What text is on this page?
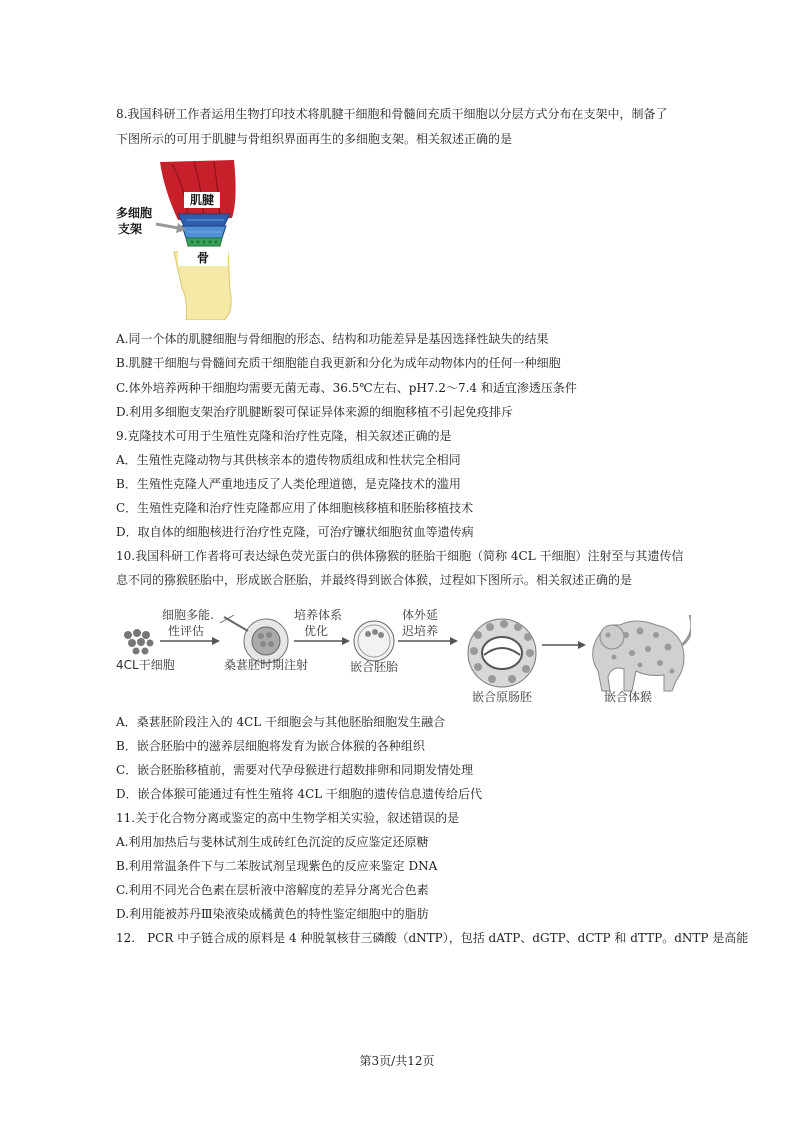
8.我国科研工作者运用生物打印技术将肌腱干细胞和骨髓间充质干细胞以分层方式分布在支架中，制备了
下图所示的可用于肌腱与骨组织界面再生的多细胞支架。相关叙述正确的是
肌腱
骨
多细胞
支架
A.同一个体的肌腱细胞与骨细胞的形态、结构和功能差异是基因选择性缺失的结果
B.肌腱干细胞与骨髓间充质干细胞能自我更新和分化为成年动物体内的任何一种细胞
C.体外培养两种干细胞均需要无菌无毒、36.5℃左右、pH7.2～7.4 和适宜渗透压条件
D.利用多细胞支架治疗肌腱断裂可保证异体来源的细胞移植不引起免疫排斥
9.克隆技术可用于生殖性克隆和治疗性克隆，相关叙述正确的是
A．生殖性克隆动物与其供核亲本的遗传物质组成和性状完全相同
B．生殖性克隆人严重地违反了人类伦理道德，是克隆技术的滥用
C．生殖性克隆和治疗性克隆都应用了体细胞核移植和胚胎移植技术
D．取自体的细胞核进行治疗性克隆，可治疗镰状细胞贫血等遗传病
10.我国科研工作者将可表达绿色荧光蛋白的供体猕猴的胚胎干细胞（简称 4CL 干细胞）注射至与其遗传信
息不同的猕猴胚胎中，形成嵌合胚胎，并最终得到嵌合体猴，过程如下图所示。相关叙述正确的是
4CL干细胞
细胞多能.
性评估
桑葚胚时期注射
培养体系
优化
嵌合胚胎
体外延
迟培养
嵌合原肠胚	嵌合体猴
A．桑葚胚阶段注入的 4CL 干细胞会与其他胚胎细胞发生融合
B．嵌合胚胎中的滋养层细胞将发育为嵌合体猴的各种组织
C．嵌合胚胎移植前，需要对代孕母猴进行超数排卵和同期发情处理
D．嵌合体猴可能通过有性生殖将 4CL 干细胞的遗传信息遗传给后代
11.关于化合物分离或鉴定的高中生物学相关实验，叙述错误的是
A.利用加热后与斐林试剂生成砖红色沉淀的反应鉴定还原糖
B.利用常温条件下与二苯胺试剂呈现紫色的反应来鉴定 DNA
C.利用不同光合色素在层析液中溶解度的差异分离光合色素
D.利用能被苏丹Ⅲ染液染成橘黄色的特性鉴定细胞中的脂肪
12.　PCR 中子链合成的原料是 4 种脱氧核苷三磷酸（dNTP），包括 dATP、dGTP、dCTP 和 dTTP。dNTP 是高能
第3页/共12页
